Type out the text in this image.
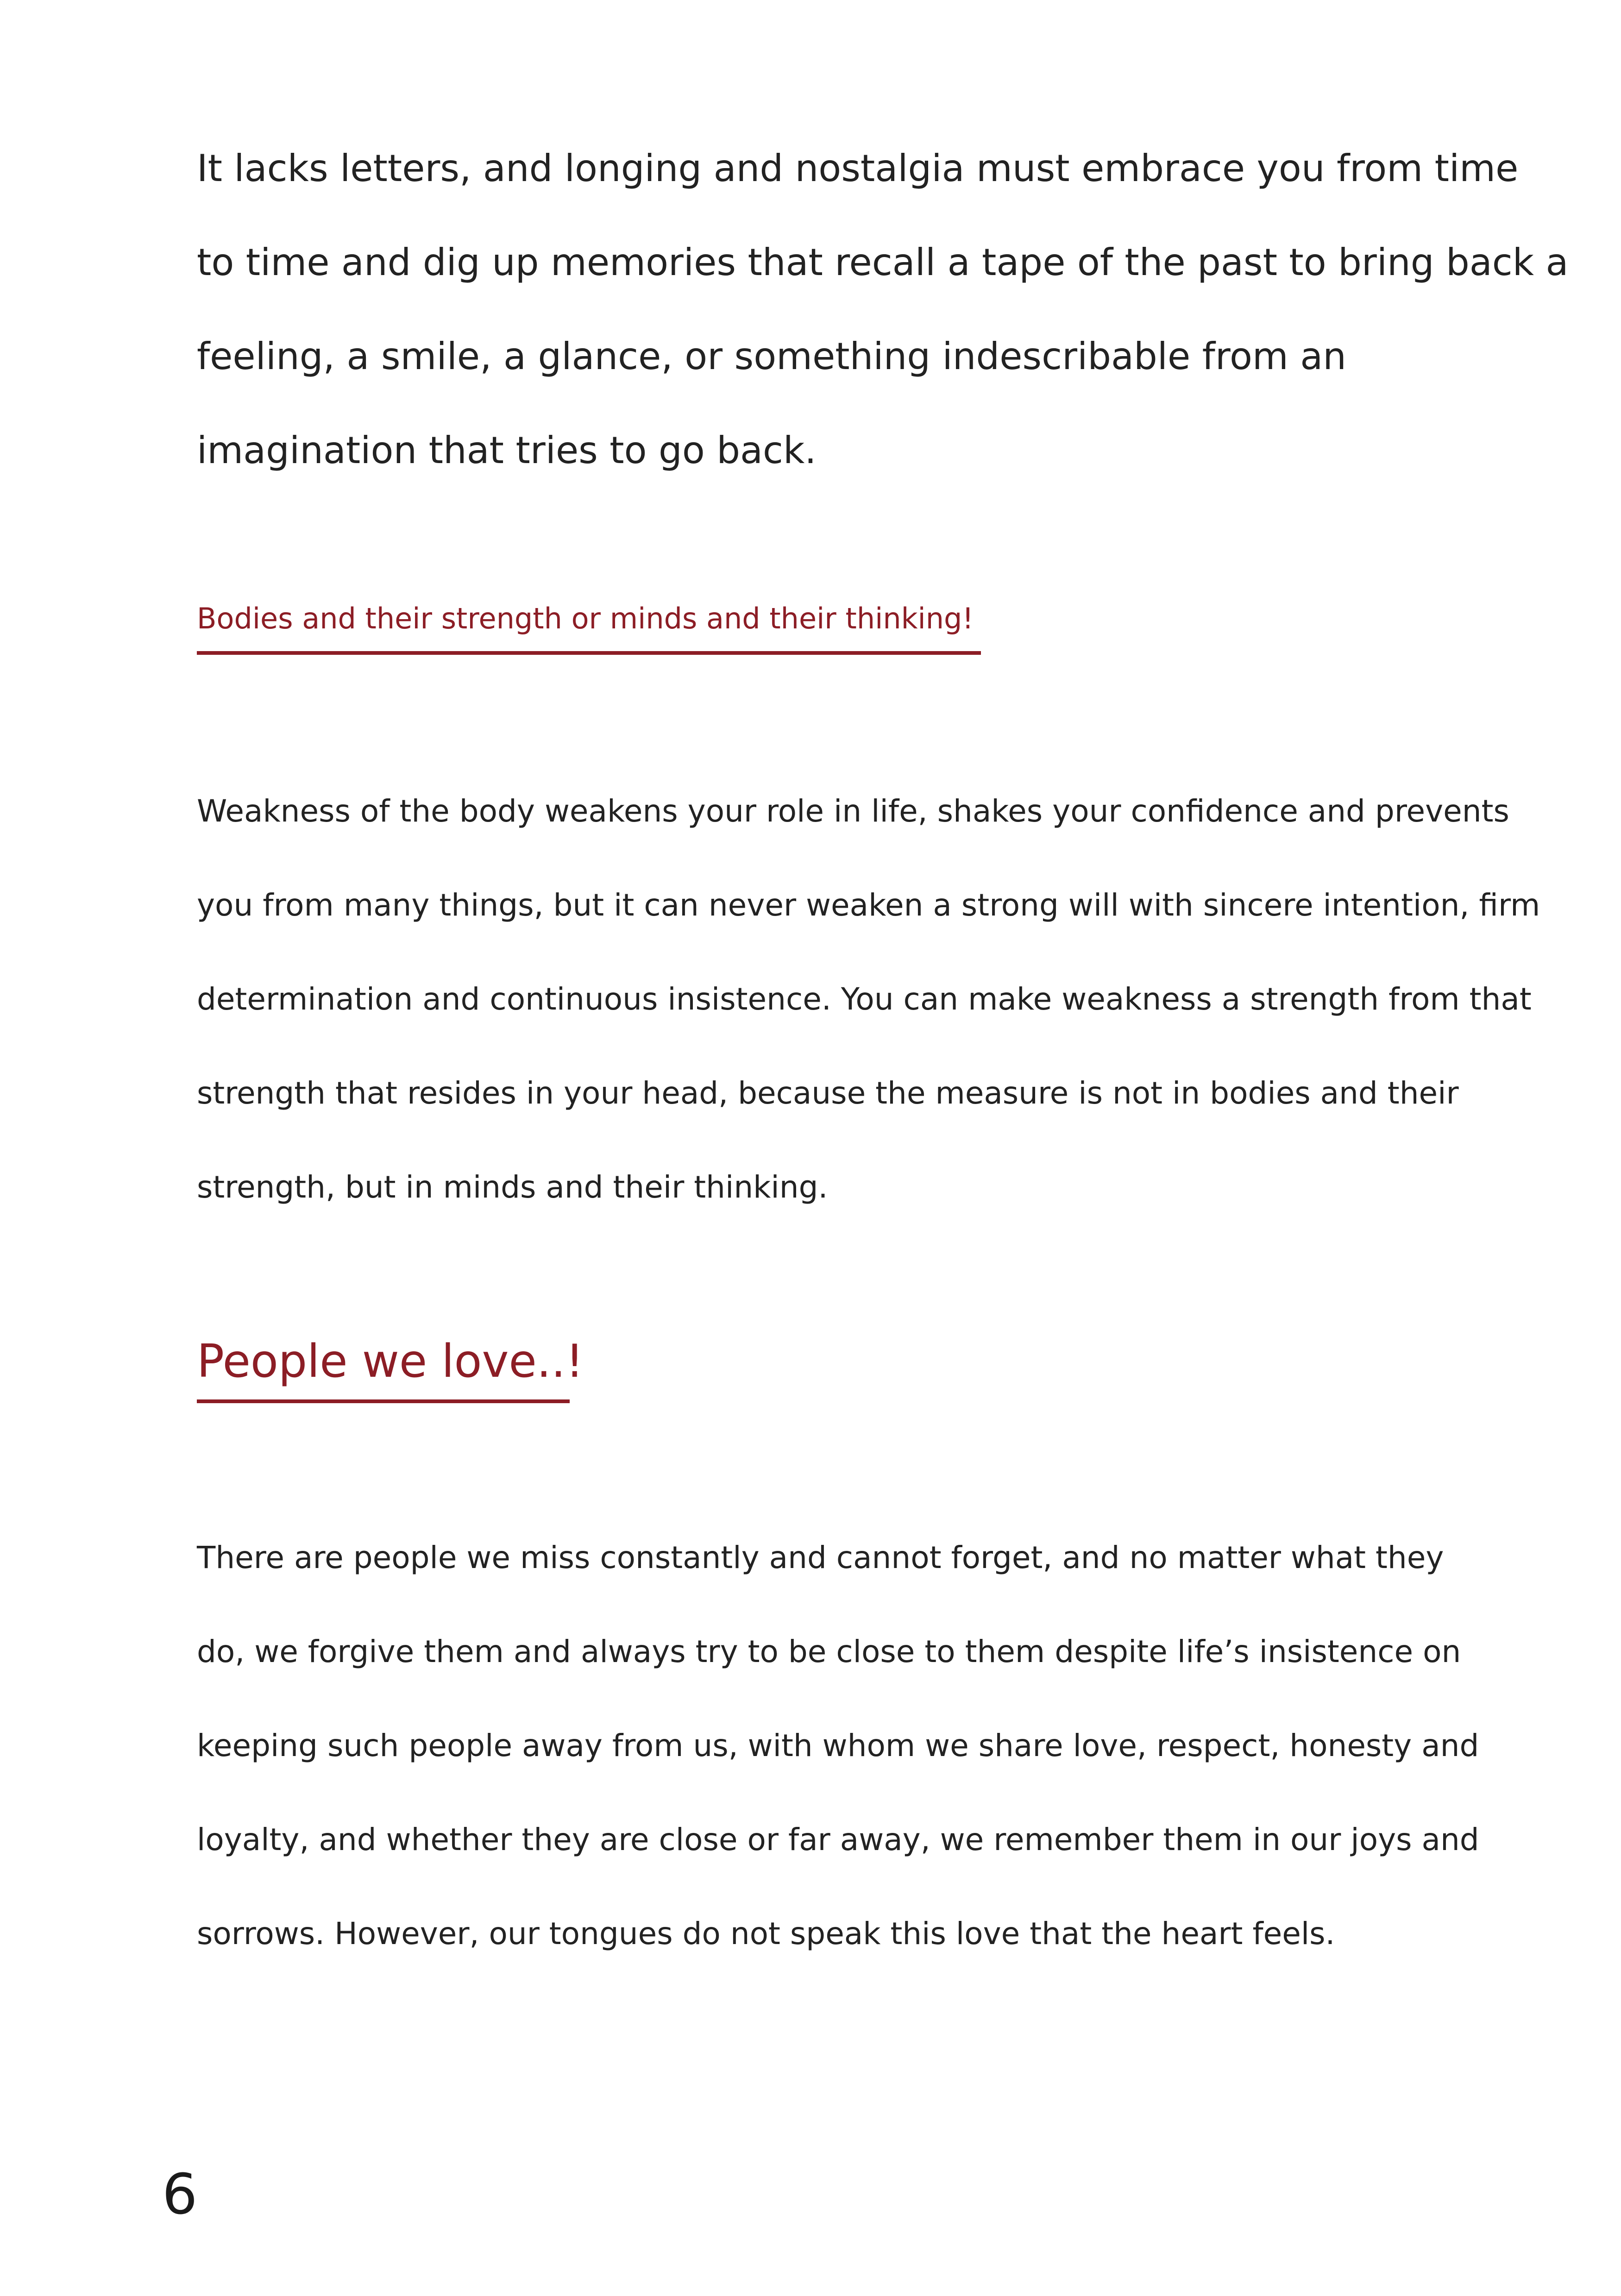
It lacks letters, and longing and nostalgia must embrace you from time
to time and dig up memories that recall a tape of the past to bring back a
feeling, a smile, a glance, or something indescribable from an
imagination that tries to go back.

Bodies and their strength or minds and their thinking!

Weakness of the body weakens your role in life, shakes your confidence and prevents
you from many things, but it can never weaken a strong will with sincere intention, firm
determination and continuous insistence. You can make weakness a strength from that
strength that resides in your head, because the measure is not in bodies and their
strength, but in minds and their thinking.

People we love..!

There are people we miss constantly and cannot forget, and no matter what they
do, we forgive them and always try to be close to them despite life’s insistence on
keeping such people away from us, with whom we share love, respect, honesty and
loyalty, and whether they are close or far away, we remember them in our joys and
sorrows. However, our tongues do not speak this love that the heart feels.

6
